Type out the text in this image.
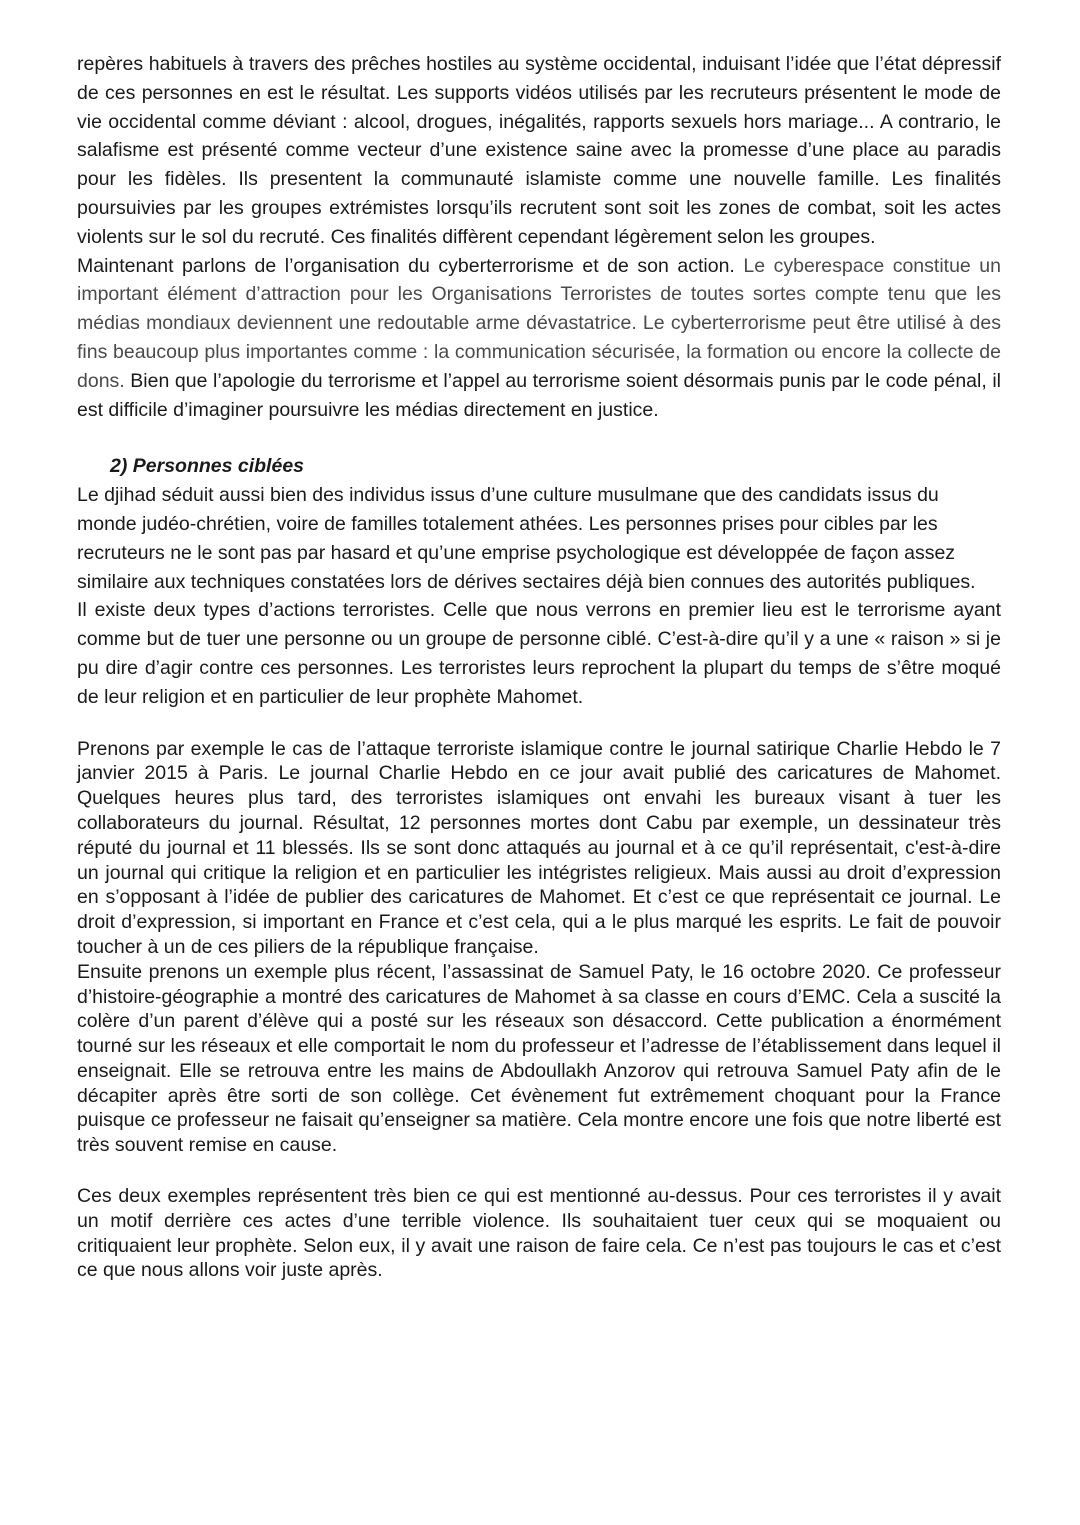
repères habituels à travers des prêches hostiles au système occidental, induisant l’idée que l’état dépressif de ces personnes en est le résultat. Les supports vidéos utilisés par les recruteurs présentent le mode de vie occidental comme déviant : alcool, drogues, inégalités, rapports sexuels hors mariage... A contrario, le salafisme est présenté comme vecteur d’une existence saine avec la promesse d’une place au paradis pour les fidèles. Ils presentent la communauté islamiste comme une nouvelle famille. Les finalités poursuivies par les groupes extrémistes lorsqu’ils recrutent sont soit les zones de combat, soit les actes violents sur le sol du recruté. Ces finalités diffèrent cependant légèrement selon les groupes.

Maintenant parlons de l’organisation du cyberterrorisme et de son action. Le cyberespace constitue un important élément d’attraction pour les Organisations Terroristes de toutes sortes compte tenu que les médias mondiaux deviennent une redoutable arme dévastatrice. Le cyberterrorisme peut être utilisé à des fins beaucoup plus importantes comme : la communication sécurisée, la formation ou encore la collecte de dons. Bien que l’apologie du terrorisme et l’appel au terrorisme soient désormais punis par le code pénal, il est difficile d’imaginer poursuivre les médias directement en justice.

2) Personnes ciblées

Le djihad séduit aussi bien des individus issus d’une culture musulmane que des candidats issus du monde judéo-chrétien, voire de familles totalement athées. Les personnes prises pour cibles par les recruteurs ne le sont pas par hasard et qu’une emprise psychologique est développée de façon assez similaire aux techniques constatées lors de dérives sectaires déjà bien connues des autorités publiques.

Il existe deux types d’actions terroristes. Celle que nous verrons en premier lieu est le terrorisme ayant comme but de tuer une personne ou un groupe de personne ciblé. C’est-à-dire qu’il y a une « raison » si je pu dire d’agir contre ces personnes. Les terroristes leurs reprochent la plupart du temps de s’être moqué de leur religion et en particulier de leur prophète Mahomet.

Prenons par exemple le cas de l’attaque terroriste islamique contre le journal satirique Charlie Hebdo le 7 janvier 2015 à Paris. Le journal Charlie Hebdo en ce jour avait publié des caricatures de Mahomet. Quelques heures plus tard, des terroristes islamiques ont envahi les bureaux visant à tuer les collaborateurs du journal. Résultat, 12 personnes mortes dont Cabu par exemple, un dessinateur très réputé du journal et 11 blessés. Ils se sont donc attaqués au journal et à ce qu’il représentait, c'est-à-dire un journal qui critique la religion et en particulier les intégristes religieux. Mais aussi au droit d’expression en s’opposant à l’idée de publier des caricatures de Mahomet. Et c’est ce que représentait ce journal. Le droit d’expression, si important en France et c’est cela, qui a le plus marqué les esprits. Le fait de pouvoir toucher à un de ces piliers de la république française.

Ensuite prenons un exemple plus récent, l’assassinat de Samuel Paty, le 16 octobre 2020. Ce professeur d’histoire-géographie a montré des caricatures de Mahomet à sa classe en cours d’EMC. Cela a suscité la colère d’un parent d’élève qui a posté sur les réseaux son désaccord. Cette publication a énormément tourné sur les réseaux et elle comportait le nom du professeur et l’adresse de l’établissement dans lequel il enseignait. Elle se retrouva entre les mains de Abdoullakh Anzorov qui retrouva Samuel Paty afin de le décapiter après être sorti de son collège. Cet évènement fut extrêmement choquant pour la France puisque ce professeur ne faisait qu’enseigner sa matière. Cela montre encore une fois que notre liberté est très souvent remise en cause.

Ces deux exemples représentent très bien ce qui est mentionné au-dessus. Pour ces terroristes il y avait un motif derrière ces actes d’une terrible violence. Ils souhaitaient tuer ceux qui se moquaient ou critiquaient leur prophète. Selon eux, il y avait une raison de faire cela. Ce n’est pas toujours le cas et c’est ce que nous allons voir juste après.
